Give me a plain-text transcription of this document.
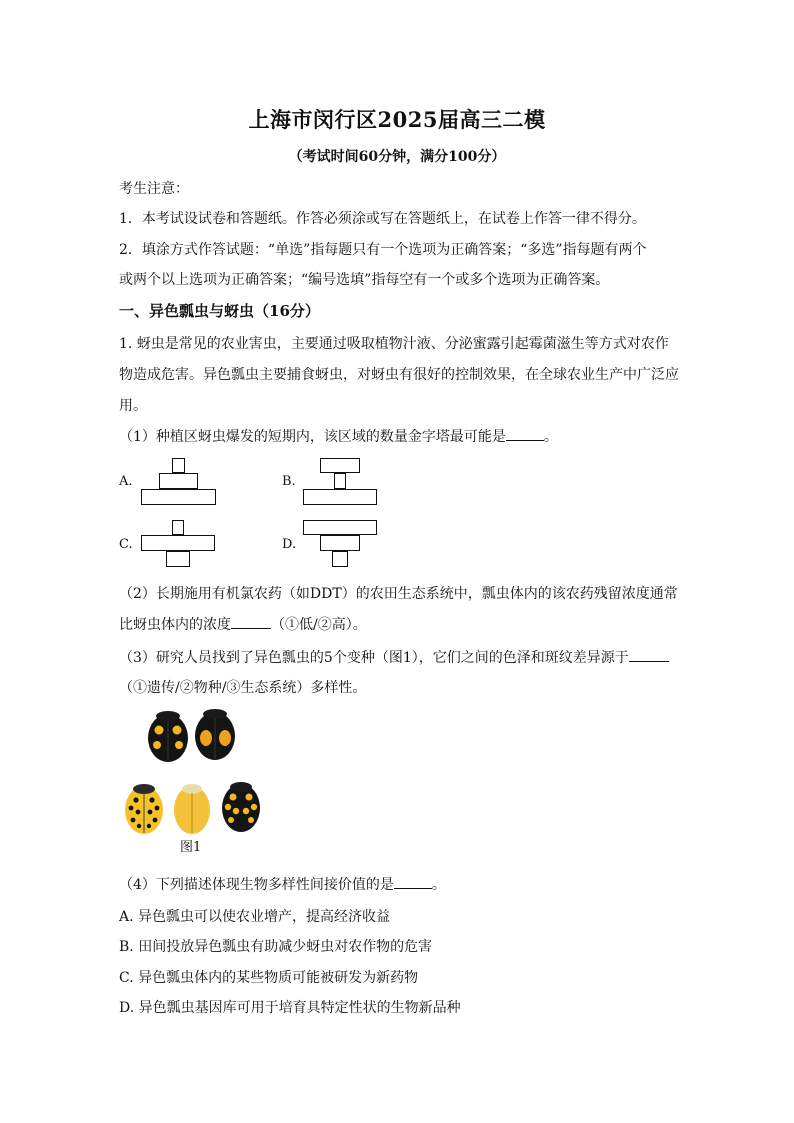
上海市闵行区2025届高三二模
（考试时间60分钟，满分100分）
考生注意：
1．本考试设试卷和答题纸。作答必须涂或写在答题纸上，在试卷上作答一律不得分。
2．填涂方式作答试题：“单选”指每题只有一个选项为正确答案；“多选”指每题有两个
或两个以上选项为正确答案；“编号选填”指每空有一个或多个选项为正确答案。
一、异色瓢虫与蚜虫（16分）
1. 蚜虫是常见的农业害虫，主要通过吸取植物汁液、分泌蜜露引起霉菌滋生等方式对农作
物造成危害。异色瓢虫主要捕食蚜虫，对蚜虫有很好的控制效果，在全球农业生产中广泛应
用。
（1）种植区蚜虫爆发的短期内，该区域的数量金字塔最可能是	。
A.	B.
C.	D.
（2）长期施用有机氯农药（如DDT）的农田生态系统中，瓢虫体内的该农药残留浓度通常
比蚜虫体内的浓度	（①低/②高）。
（3）研究人员找到了异色瓢虫的5个变种（图1），它们之间的色泽和斑纹差异源于
（①遗传/②物种/③生态系统）多样性。
图1
（4）下列描述体现生物多样性间接价值的是	。
A. 异色瓢虫可以使农业增产，提高经济收益
B. 田间投放异色瓢虫有助减少蚜虫对农作物的危害
C. 异色瓢虫体内的某些物质可能被研发为新药物
D. 异色瓢虫基因库可用于培育具特定性状的生物新品种
